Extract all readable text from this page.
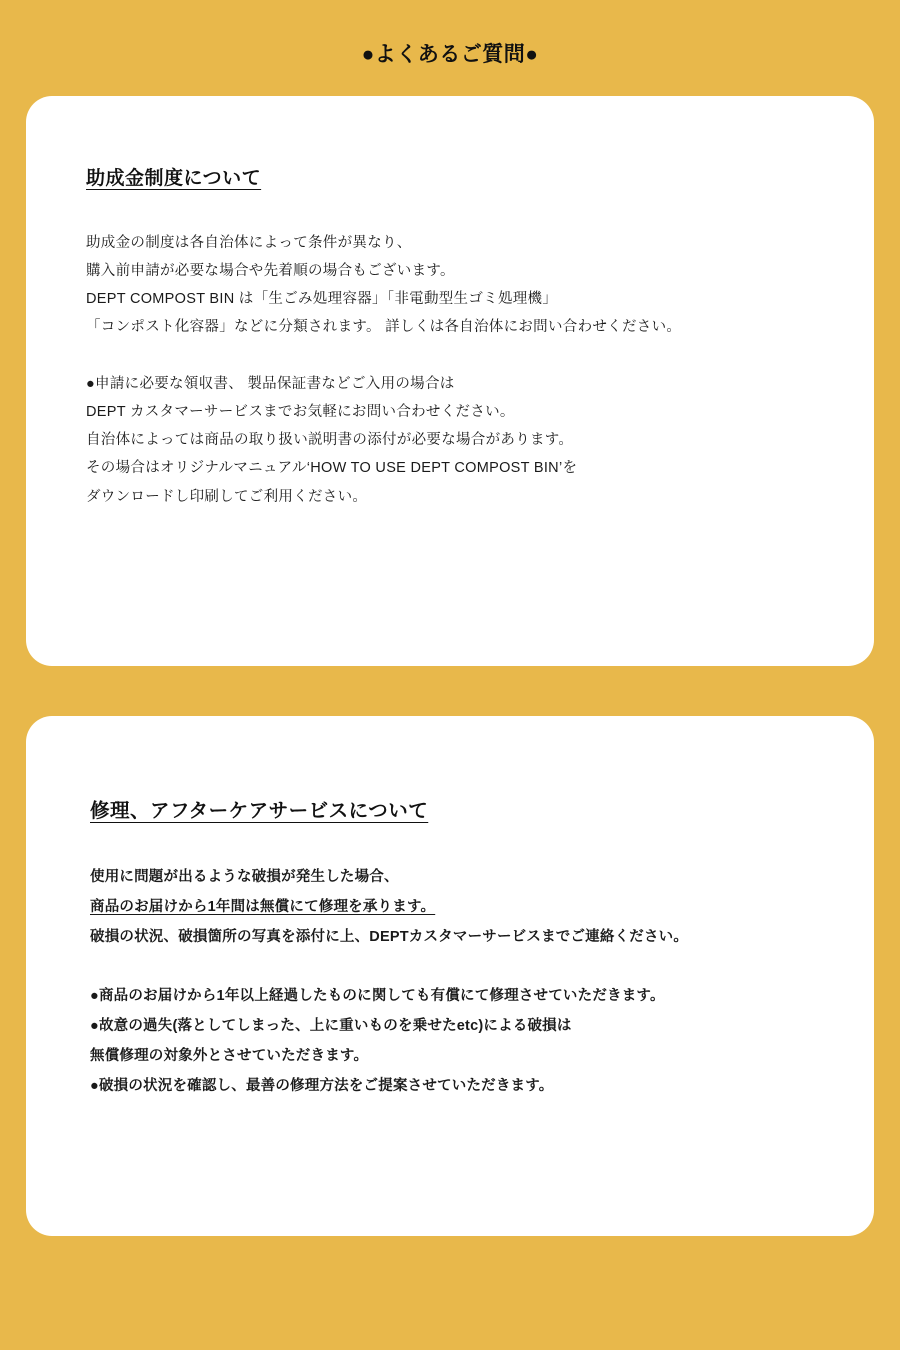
●よくあるご質問●
助成金制度について
助成金の制度は各自治体によって条件が異なり、
購入前申請が必要な場合や先着順の場合もございます。
DEPT COMPOST BIN は「生ごみ処理容器」「非電動型生ゴミ処理機」
「コンポスト化容器」などに分類されます。 詳しくは各自治体にお問い合わせください。
●申請に必要な領収書、 製品保証書などご入用の場合は
DEPT カスタマーサービスまでお気軽にお問い合わせください。
自治体によっては商品の取り扱い説明書の添付が必要な場合があります。
その場合はオリジナルマニュアル‘HOW TO USE DEPT COMPOST BIN’を
ダウンロードし印刷してご利用ください。
修理、アフターケアサービスについて
使用に問題が出るような破損が発生した場合、
商品のお届けから1年間は無償にて修理を承ります。
破損の状況、破損箇所の写真を添付に上、DEPTカスタマーサービスまでご連絡ください。
●商品のお届けから1年以上経過したものに関しても有償にて修理させていただきます。
●故意の過失(落としてしまった、上に重いものを乗せたetc)による破損は
無償修理の対象外とさせていただきます。
●破損の状況を確認し、最善の修理方法をご提案させていただきます。
